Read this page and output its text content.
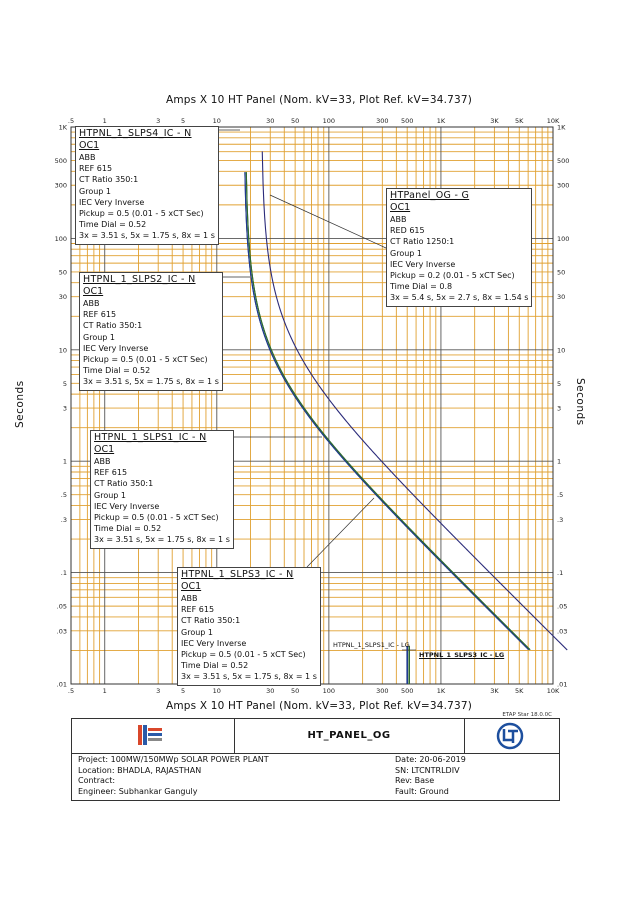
.5	1	3	5	10	30	50	100	300 500	1K	3K	5K	10K
.5	1	3	5	10	30	50	100	300 500	1K	3K	5K	10K
.01
.03
.05
.1
.3
.5
1
3
5
10
30
50
100
300
500
1K
.01
.03
.05
.1
.3
.5
1
3
5
10
30
50
100
300
500
1K
Amps X 10 HT Panel (Nom. kV=33, Plot Ref. kV=34.737)
Amps X 10 HT Panel (Nom. kV=33, Plot Ref. kV=34.737)
Seconds	Seconds
HTPNL_1_SLPS4_IC - N
OC1
ABB
REF 615
CT Ratio 350:1
Group 1
IEC Very Inverse
Pickup = 0.5 (0.01 - 5 xCT Sec)
Time Dial = 0.52
3x = 3.51 s, 5x = 1.75 s, 8x = 1 s
HTPNL_1_SLPS2_IC - N
OC1
ABB
REF 615
CT Ratio 350:1
Group 1
IEC Very Inverse
Pickup = 0.5 (0.01 - 5 xCT Sec)
Time Dial = 0.52
3x = 3.51 s, 5x = 1.75 s, 8x = 1 s
HTPNL_1_SLPS1_IC - N
OC1
ABB
REF 615
CT Ratio 350:1
Group 1
IEC Very Inverse
Pickup = 0.5 (0.01 - 5 xCT Sec)
Time Dial = 0.52
3x = 3.51 s, 5x = 1.75 s, 8x = 1 s
HTPNL_1_SLPS3_IC - N
OC1
ABB
REF 615
CT Ratio 350:1
Group 1
IEC Very Inverse
Pickup = 0.5 (0.01 - 5 xCT Sec)
Time Dial = 0.52
3x = 3.51 s, 5x = 1.75 s, 8x = 1 s
HTPanel_OG - G
OC1
ABB
RED 615
CT Ratio 1250:1
Group 1
IEC Very Inverse
Pickup = 0.2 (0.01 - 5 xCT Sec)
Time Dial = 0.8
3x = 5.4 s, 5x = 2.7 s, 8x = 1.54 s
HTPNL_1_SLPS1_IC - LG
HTPNL_1_SLPS3_IC - LG
ETAP Star 18.0.0C
HT_PANEL_OG
Project: 100MW/150MWp SOLAR POWER PLANT
Location: BHADLA, RAJASTHAN
Contract:
Engineer: Subhankar Ganguly
Date: 20-06-2019
SN: LTCNTRLDIV
Rev: Base
Fault: Ground
